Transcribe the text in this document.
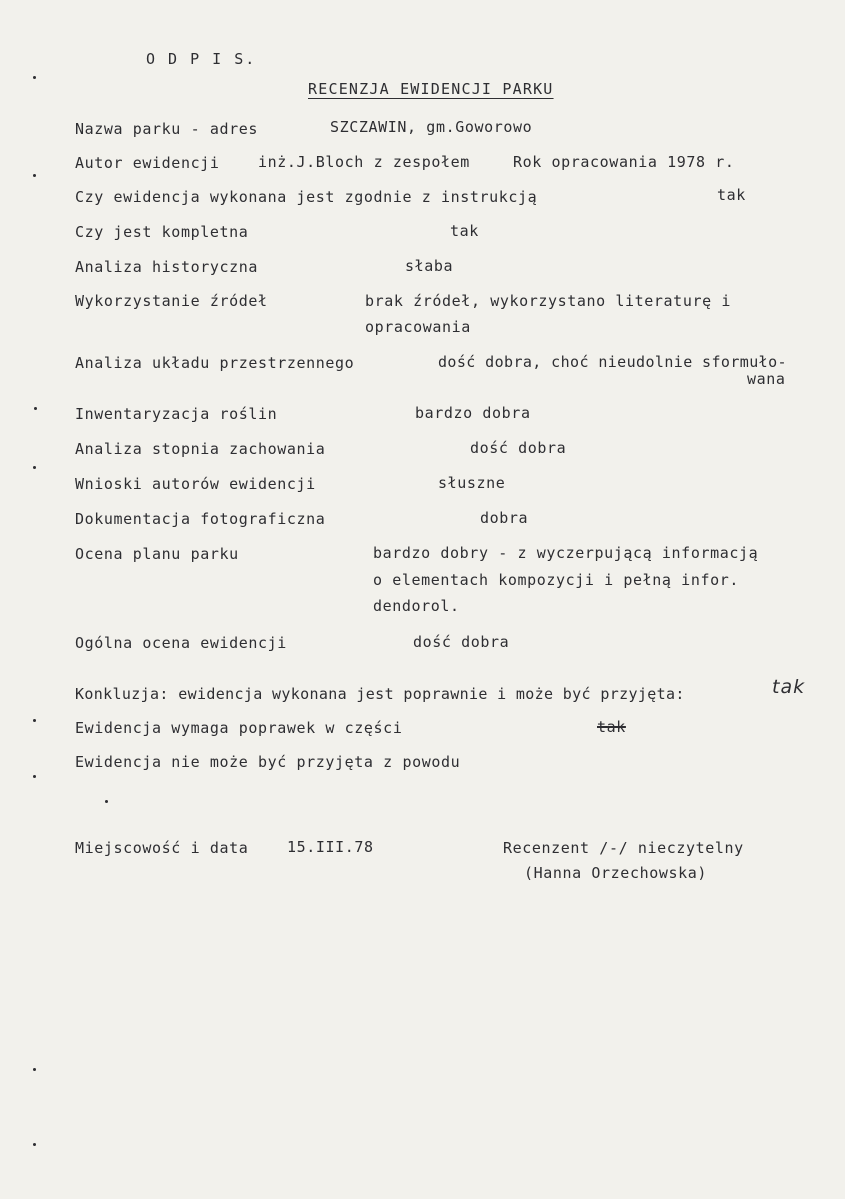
O D P I S.
RECENZJA EWIDENCJI PARKU
Nazwa parku - adres	SZCZAWIN, gm.Goworowo
Autor ewidencji	inż.J.Bloch z zespołem	Rok opracowania 1978 r.
Czy ewidencja wykonana jest zgodnie z instrukcją	tak
Czy jest kompletna	tak
Analiza historyczna	słaba
Wykorzystanie źródeł	brak źródeł, wykorzystano literaturę i
opracowania
Analiza układu przestrzennego	dość dobra, choć nieudolnie sformuło-
wana
Inwentaryzacja roślin	bardzo dobra
Analiza stopnia zachowania	dość dobra
Wnioski autorów ewidencji	słuszne
Dokumentacja fotograficzna	dobra
Ocena planu parku	bardzo dobry - z wyczerpującą informacją
o elementach kompozycji i pełną infor.
dendorol.
Ogólna ocena ewidencji	dość dobra
Konkluzja: ewidencja wykonana jest poprawnie i może być przyjęta:	tak
Ewidencja wymaga poprawek w części	tak
Ewidencja nie może być przyjęta z powodu
Miejscowość i data	15.III.78	Recenzent /-/ nieczytelny
(Hanna Orzechowska)
